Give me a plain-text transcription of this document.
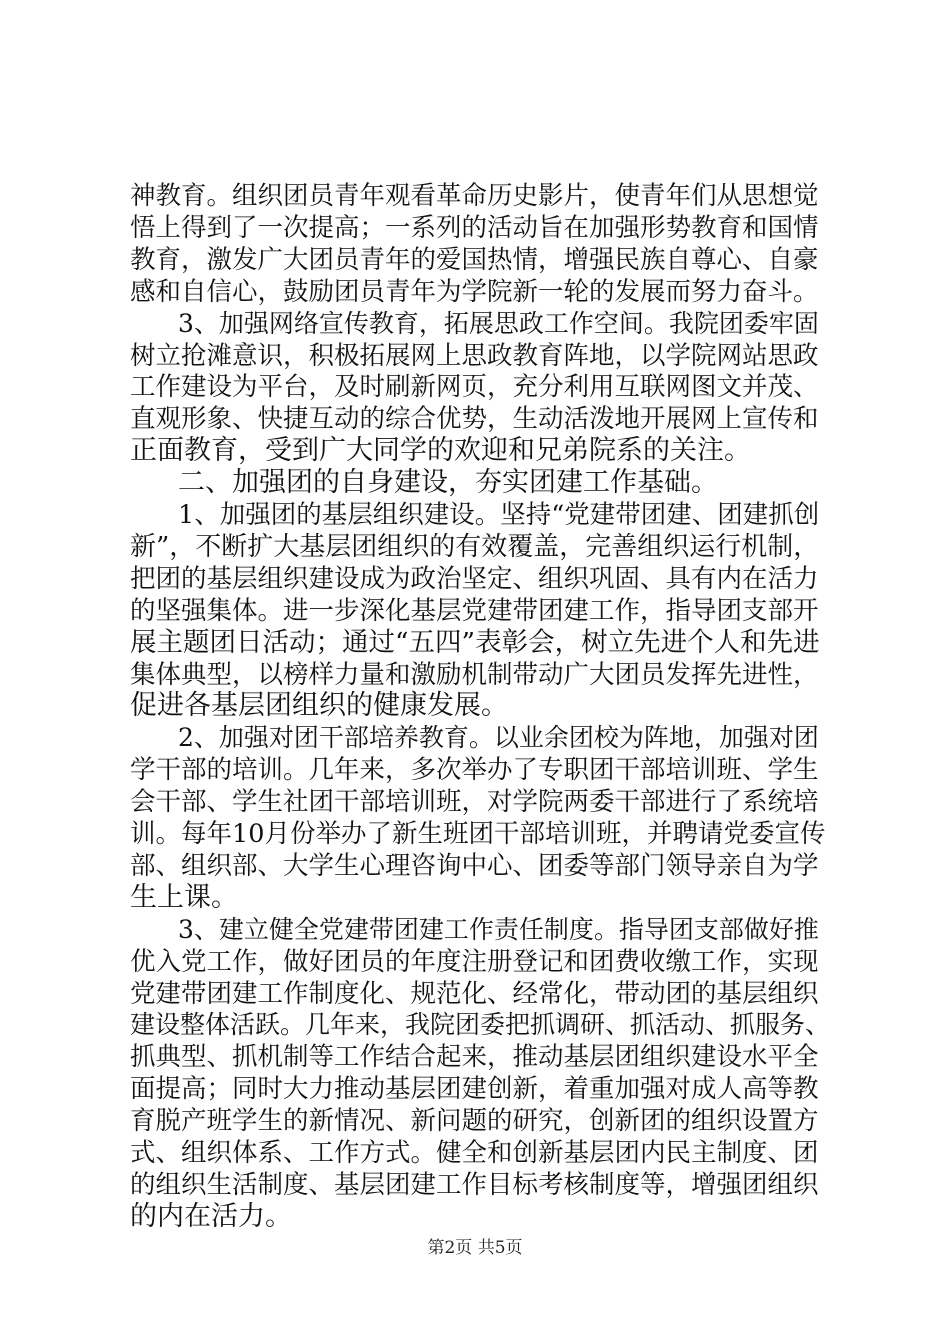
神教育。组织团员青年观看革命历史影片，使青年们从思想觉
悟上得到了一次提高；一系列的活动旨在加强形势教育和国情
教育，激发广大团员青年的爱国热情，增强民族自尊心、自豪
感和自信心，鼓励团员青年为学院新一轮的发展而努力奋斗。
3、加强网络宣传教育，拓展思政工作空间。我院团委牢固
树立抢滩意识，积极拓展网上思政教育阵地，以学院网站思政
工作建设为平台，及时刷新网页，充分利用互联网图文并茂、
直观形象、快捷互动的综合优势，生动活泼地开展网上宣传和
正面教育，受到广大同学的欢迎和兄弟院系的关注。
二、加强团的自身建设，夯实团建工作基础。
1、加强团的基层组织建设。坚持“党建带团建、团建抓创
新”，不断扩大基层团组织的有效覆盖，完善组织运行机制，
把团的基层组织建设成为政治坚定、组织巩固、具有内在活力
的坚强集体。进一步深化基层党建带团建工作，指导团支部开
展主题团日活动；通过“五四”表彰会，树立先进个人和先进
集体典型，以榜样力量和激励机制带动广大团员发挥先进性，
促进各基层团组织的健康发展。
2、加强对团干部培养教育。以业余团校为阵地，加强对团
学干部的培训。几年来，多次举办了专职团干部培训班、学生
会干部、学生社团干部培训班，对学院两委干部进行了系统培
训。每年10月份举办了新生班团干部培训班，并聘请党委宣传
部、组织部、大学生心理咨询中心、团委等部门领导亲自为学
生上课。
3、建立健全党建带团建工作责任制度。指导团支部做好推
优入党工作，做好团员的年度注册登记和团费收缴工作，实现
党建带团建工作制度化、规范化、经常化，带动团的基层组织
建设整体活跃。几年来，我院团委把抓调研、抓活动、抓服务、
抓典型、抓机制等工作结合起来，推动基层团组织建设水平全
面提高；同时大力推动基层团建创新，着重加强对成人高等教
育脱产班学生的新情况、新问题的研究，创新团的组织设置方
式、组织体系、工作方式。健全和创新基层团内民主制度、团
的组织生活制度、基层团建工作目标考核制度等，增强团组织
的内在活力。
第2页 共5页
